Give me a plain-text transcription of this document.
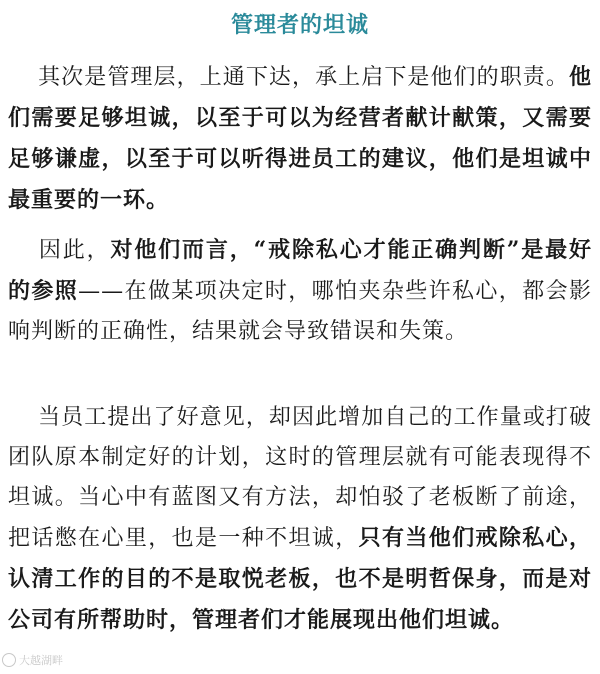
管理者的坦诚

其次是管理层，上通下达，承上启下是他们的职责。他们需要足够坦诚，以至于可以为经营者献计献策，又需要足够谦虚，以至于可以听得进员工的建议，他们是坦诚中最重要的一环。

因此，对他们而言，“戒除私心才能正确判断”是最好的参照——在做某项决定时，哪怕夹杂些许私心，都会影响判断的正确性，结果就会导致错误和失策。

当员工提出了好意见，却因此增加自己的工作量或打破团队原本制定好的计划，这时的管理层就有可能表现得不坦诚。当心中有蓝图又有方法，却怕驳了老板断了前途，把话憋在心里，也是一种不坦诚，只有当他们戒除私心，认清工作的目的不是取悦老板，也不是明哲保身，而是对公司有所帮助时，管理者们才能展现出他们坦诚。

大越湖畔
